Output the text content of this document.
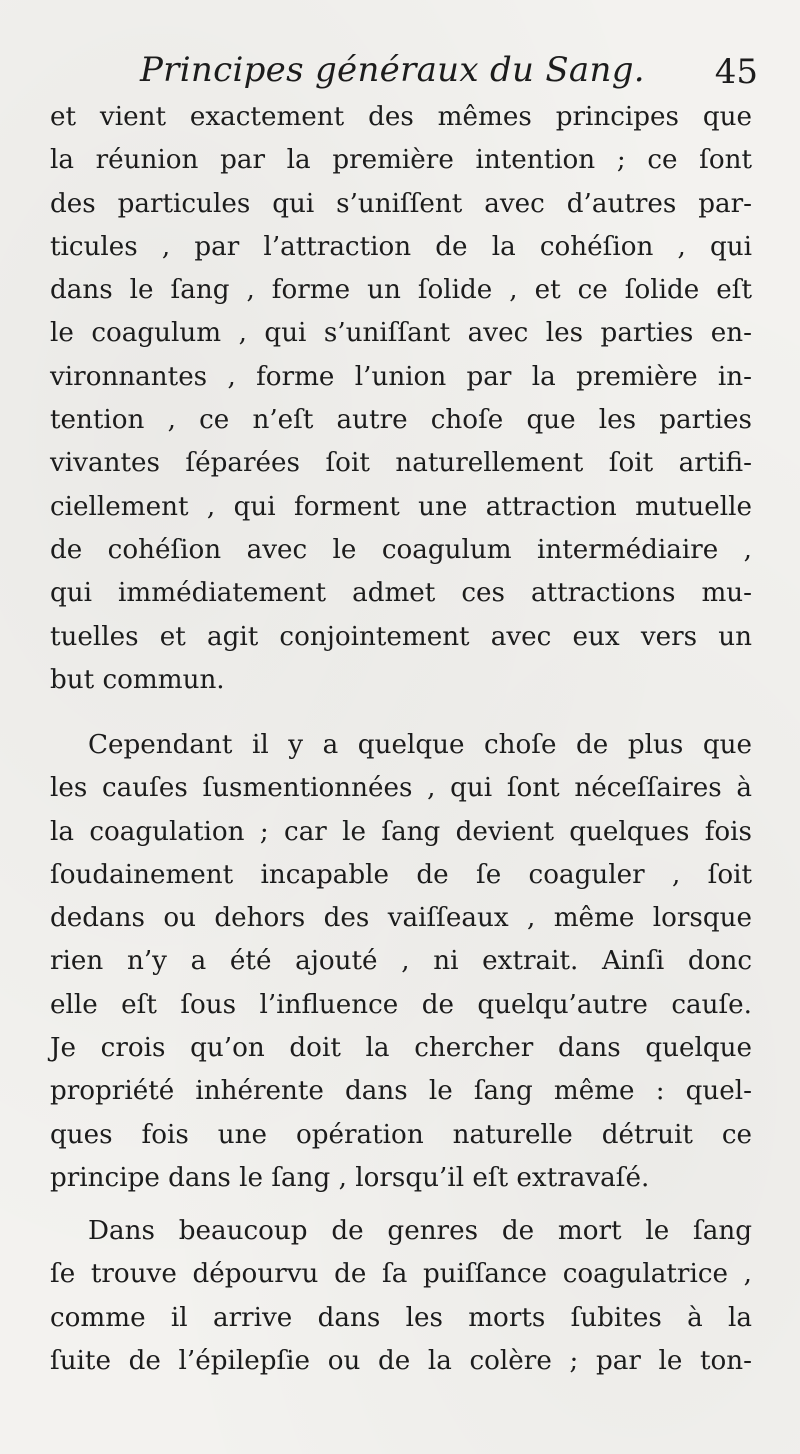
Principes généraux du Sang. 45
et vient exactement des mêmes principes que
la réunion par la première intention ; ce ſont
des particules qui s’uniſſent avec d’autres par-
ticules , par l’attraction de la cohéſion , qui
dans le ſang , forme un ſolide , et ce ſolide eſt
le coagulum , qui s’uniſſant avec les parties en-
vironnantes , forme l’union par la première in-
tention , ce n’eſt autre choſe que les parties
vivantes ſéparées ſoit naturellement ſoit artifi-
ciellement , qui forment une attraction mutuelle
de cohéſion avec le coagulum intermédiaire ,
qui immédiatement admet ces attractions mu-
tuelles et agit conjointement avec eux vers un
but commun.
Cependant il y a quelque choſe de plus que
les cauſes ſusmentionnées , qui ſont néceſſaires à
la coagulation ; car le ſang devient quelques fois
ſoudainement incapable de ſe coaguler , ſoit
dedans ou dehors des vaiſſeaux , même lorsque
rien n’y a été ajouté , ni extrait. Ainſi donc
elle eſt ſous l’influence de quelqu’autre cauſe.
Je crois qu’on doit la chercher dans quelque
propriété inhérente dans le ſang même : quel-
ques fois une opération naturelle détruit ce
principe dans le ſang , lorsqu’il eſt extravaſé.
Dans beaucoup de genres de mort le ſang
ſe trouve dépourvu de ſa puiſſance coagulatrice ,
comme il arrive dans les morts ſubites à la
ſuite de l’épilepſie ou de la colère ; par le ton-
